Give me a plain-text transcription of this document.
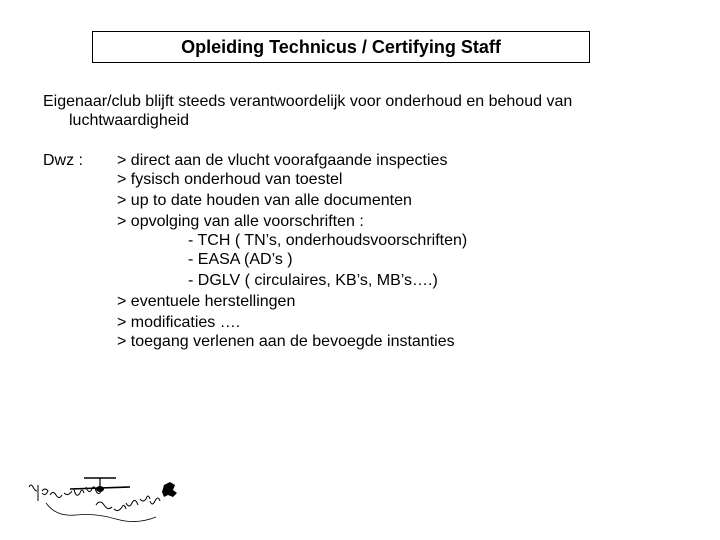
Opleiding Technicus / Certifying Staff
Eigenaar/club blijft steeds verantwoordelijk voor onderhoud en behoud van
luchtwaardigheid
Dwz : > direct aan de vlucht voorafgaande inspecties
> fysisch onderhoud van toestel
> up to date houden van alle documenten
> opvolging van alle voorschriften :
- TCH ( TN’s, onderhoudsvoorschriften)
- EASA (AD’s )
- DGLV ( circulaires, KB’s, MB’s….)
> eventuele herstellingen
> modificaties ….
> toegang verlenen aan de bevoegde instanties
